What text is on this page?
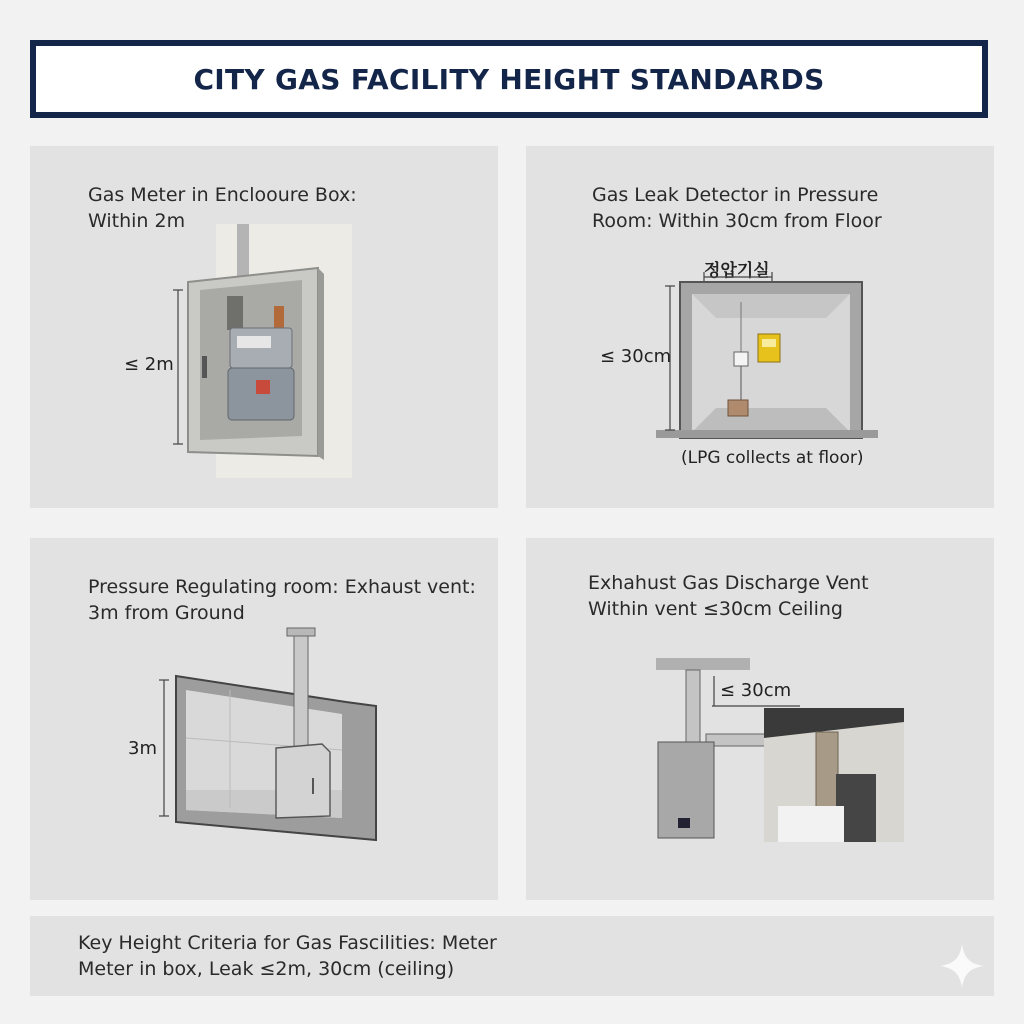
CITY GAS FACILITY HEIGHT STANDARDS
Gas Meter in Enclooure Box:
Within 2m
≤ 2m
Gas Leak Detector in Pressure
Room: Within 30cm from Floor
정압기실
≤ 30cm
(LPG collects at floor)
Pressure Regulating room: Exhaust vent:
3m from Ground
3m
Exhahust Gas Discharge Vent
Within vent ≤30cm Ceiling
≤ 30cm

Key Height Criteria for Gas Fascilities: Meter
Meter in box, Leak ≤2m, 30cm (ceiling)
